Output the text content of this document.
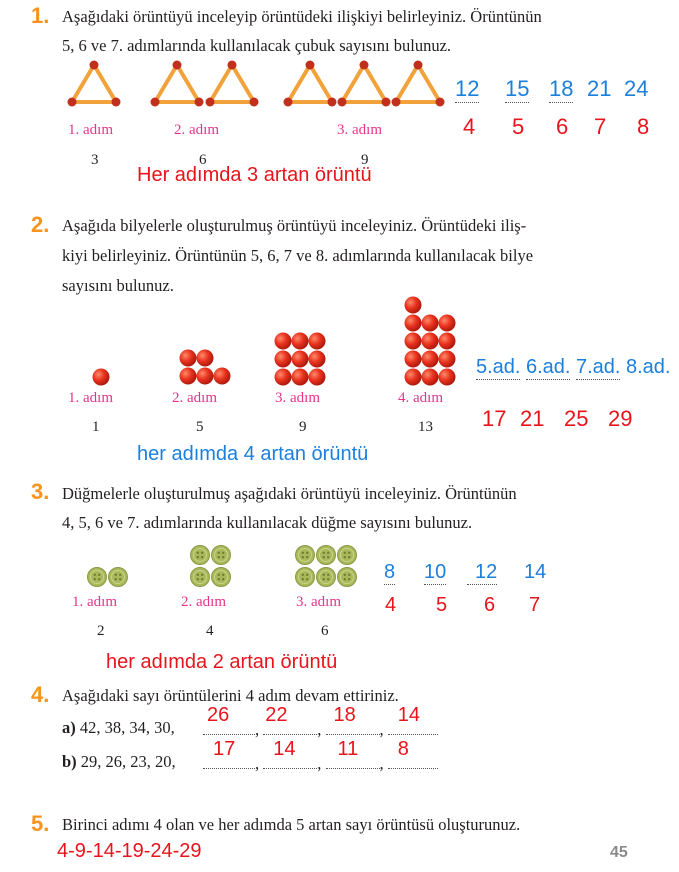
1. Aşağıdaki örüntüyü inceleyip örüntüdeki ilişkiyi belirleyiniz. Örüntünün
5, 6 ve 7. adımlarında kullanılacak çubuk sayısını bulunuz.
1. adım	2. adım	3. adım
3	6	9
12 15 18 21 24
4 5 6 7 8
Her adımda 3 artan örüntü
2. Aşağıda bilyelerle oluşturulmuş örüntüyü inceleyiniz. Örüntüdeki iliş-
kiyi belirleyiniz. Örüntünün 5, 6, 7 ve 8. adımlarında kullanılacak bilye
sayısını bulunuz.
1. adım	2. adım	3. adım	4. adım
1	5	9	13
5.ad. 6.ad. 7.ad. 8.ad.
17 21 25 29
her adımda 4 artan örüntü
3. Düğmelerle oluşturulmuş aşağıdaki örüntüyü inceleyiniz. Örüntünün
4, 5, 6 ve 7. adımlarında kullanılacak düğme sayısını bulunuz.
1. adım	2. adım	3. adım
2	4	6
8 10	12 14
4 5 6 7
her adımda 2 artan örüntü
4. Aşağıdaki sayı örüntülerini 4 adım devam ettiriniz.
a) 42, 38, 34, 30,
26
,
22
,
18
,
14
b) 29, 26, 23, 20,
17
,
14
,
11
,
8
5. Birinci adımı 4 olan ve her adımda 5 artan sayı örüntüsü oluşturunuz.
4-9-14-19-24-29	45
